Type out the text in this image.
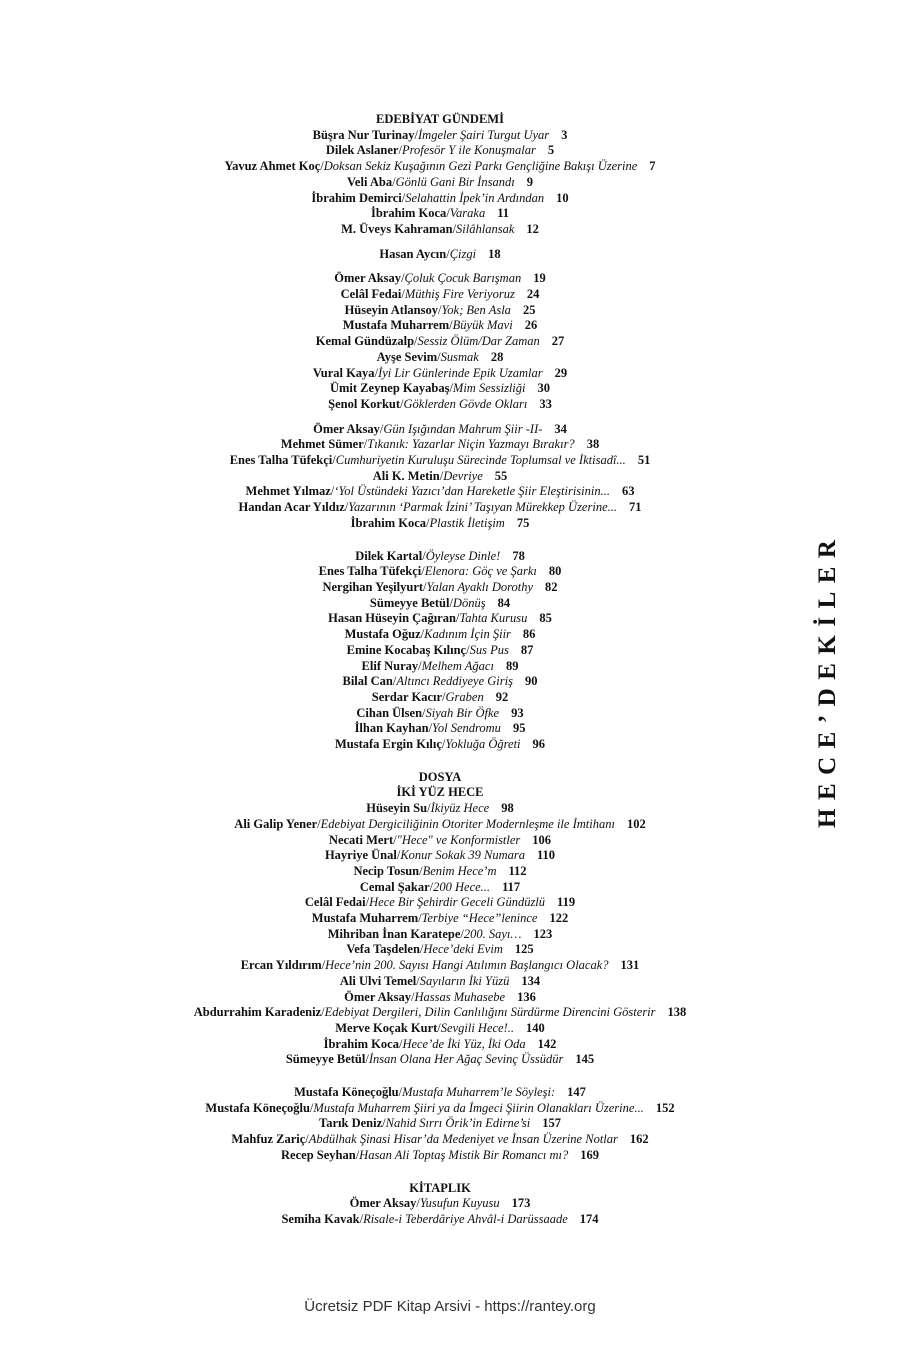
EDEBİYAT GÜNDEMİ
Büşra Nur Turinay/İmgeler Şairi Turgut Uyar 3
Dilek Aslaner/Profesör Y ile Konuşmalar 5
Yavuz Ahmet Koç/Doksan Sekiz Kuşağının Gezi Parkı Gençliğine Bakışı Üzerine 7
Veli Aba/Gönlü Gani Bir İnsandı 9
İbrahim Demirci/Selahattin İpek’in Ardından 10
İbrahim Koca/Varaka 11
M. Üveys Kahraman/Silâhlansak 12
Hasan Aycın/Çizgi 18
Ömer Aksay/Çoluk Çocuk Barışman 19
Celâl Fedai/Müthiş Fire Veriyoruz 24
Hüseyin Atlansoy/Yok; Ben Asla 25
Mustafa Muharrem/Büyük Mavi 26
Kemal Gündüzalp/Sessiz Ölüm/Dar Zaman 27
Ayşe Sevim/Susmak 28
Vural Kaya/İyi Lir Günlerinde Epik Uzamlar 29
Ümit Zeynep Kayabaş/Mim Sessizliği 30
Şenol Korkut/Göklerden Gövde Okları 33
Ömer Aksay/Gün Işığından Mahrum Şiir -II- 34
Mehmet Sümer/Tıkanık: Yazarlar Niçin Yazmayı Bırakır? 38
Enes Talha Tüfekçi/Cumhuriyetin Kuruluşu Sürecinde Toplumsal ve İktisadî... 51
Ali K. Metin/Devriye 55
Mehmet Yılmaz/‘Yol Üstündeki Yazıcı’dan Hareketle Şiir Eleştirisinin... 63
Handan Acar Yıldız/Yazarının ‘Parmak İzini’ Taşıyan Mürekkep Üzerine... 71
İbrahim Koca/Plastik İletişim 75
Dilek Kartal/Öyleyse Dinle! 78
Enes Talha Tüfekçi/Elenora: Göç ve Şarkı 80
Nergihan Yeşilyurt/Yalan Ayaklı Dorothy 82
Sümeyye Betül/Dönüş 84
Hasan Hüseyin Çağıran/Tahta Kurusu 85
Mustafa Oğuz/Kadınım İçin Şiir 86
Emine Kocabaş Kılınç/Sus Pus 87
Elif Nuray/Melhem Ağacı 89
Bilal Can/Altıncı Reddiyeye Giriş 90
Serdar Kacır/Graben 92
Cihan Ülsen/Siyah Bir Öfke 93
İlhan Kayhan/Yol Sendromu 95
Mustafa Ergin Kılıç/Yokluğa Öğreti 96
DOSYA
İKİ YÜZ HECE
Hüseyin Su/İkiyüz Hece 98
Ali Galip Yener/Edebiyat Dergiciliğinin Otoriter Modernleşme ile İmtihanı 102
Necati Mert/"Hece" ve Konformistler 106
Hayriye Ünal/Konur Sokak 39 Numara 110
Necip Tosun/Benim Hece’m 112
Cemal Şakar/200 Hece... 117
Celâl Fedai/Hece Bir Şehirdir Geceli Gündüzlü 119
Mustafa Muharrem/Terbiye “Hece”lenince 122
Mihriban İnan Karatepe/200. Sayı… 123
Vefa Taşdelen/Hece’deki Evim 125
Ercan Yıldırım/Hece’nin 200. Sayısı Hangi Atılımın Başlangıcı Olacak? 131
Ali Ulvi Temel/Sayıların İki Yüzü 134
Ömer Aksay/Hassas Muhasebe 136
Abdurrahim Karadeniz/Edebiyat Dergileri, Dilin Canlılığını Sürdürme Direncini Gösterir 138
Merve Koçak Kurt/Sevgili Hece!.. 140
İbrahim Koca/Hece’de İki Yüz, İki Oda 142
Sümeyye Betül/İnsan Olana Her Ağaç Sevinç Üssüdür 145
Mustafa Köneçoğlu/Mustafa Muharrem’le Söyleşi: 147
Mustafa Köneçoğlu/Mustafa Muharrem Şiiri ya da İmgeci Şiirin Olanakları Üzerine... 152
Tarık Deniz/Nahid Sırrı Örik’in Edirne’si 157
Mahfuz Zariç/Abdülhak Şinasi Hisar’da Medeniyet ve İnsan Üzerine Notlar 162
Recep Seyhan/Hasan Ali Toptaş Mistik Bir Romancı mı? 169
KİTAPLIK
Ömer Aksay/Yusufun Kuyusu 173
Semiha Kavak/Risale-i Teberdâriye Ahvâl-i Darüssaade 174
HECE’DEKİLER
Ücretsiz PDF Kitap Arsivi - https://rantey.org
